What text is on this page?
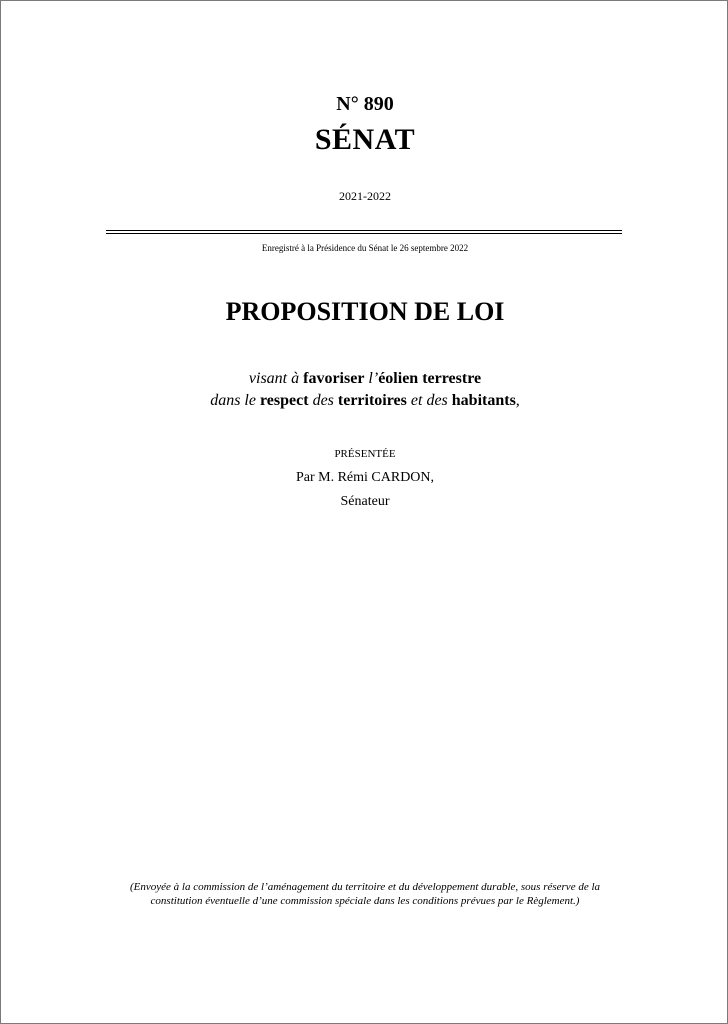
N° 890
SÉNAT
2021-2022
Enregistré à la Présidence du Sénat le 26 septembre 2022
PROPOSITION DE LOI
visant à favoriser l’éolien terrestre
dans le respect des territoires et des habitants,
PRÉSENTÉE
Par M. Rémi CARDON,
Sénateur
(Envoyée à la commission de l’aménagement du territoire et du développement durable, sous réserve de la
constitution éventuelle d’une commission spéciale dans les conditions prévues par le Règlement.)
